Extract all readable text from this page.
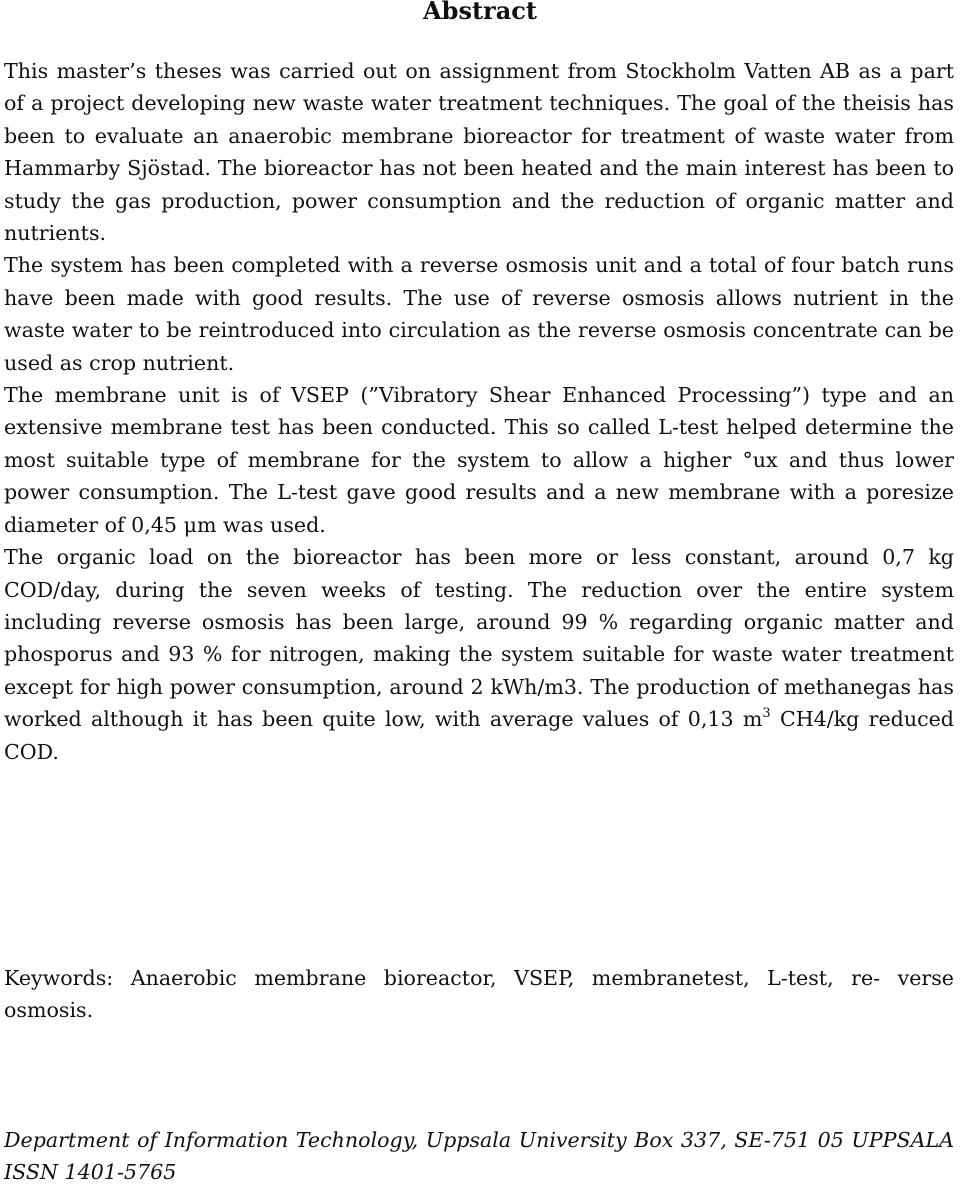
Abstract

This master’s theses was carried out on assignment from Stockholm Vatten AB as a part of a project developing new waste water treatment techniques. The goal of the theisis has been to evaluate an anaerobic membrane bioreactor for treatment of waste water from Hammarby Sjöstad. The bioreactor has not been heated and the main interest has been to study the gas production, power consumption and the reduction of organic matter and nutrients.

The system has been completed with a reverse osmosis unit and a total of four batch runs have been made with good results. The use of reverse osmosis allows nutrient in the waste water to be reintroduced into circulation as the reverse osmosis concentrate can be used as crop nutrient.

The membrane unit is of VSEP (”Vibratory Shear Enhanced Processing”) type and an extensive membrane test has been conducted. This so called L-test helped determine the most suitable type of membrane for the system to allow a higher °ux and thus lower power consumption. The L-test gave good results and a new membrane with a poresize diameter of 0,45 μm was used.

The organic load on the bioreactor has been more or less constant, around 0,7 kg COD/day, during the seven weeks of testing. The reduction over the entire system including reverse osmosis has been large, around 99 % regarding organic matter and phosporus and 93 % for nitrogen, making the system suitable for waste water treatment except for high power consumption, around 2 kWh/m3. The production of methanegas has worked although it has been quite low, with average values of 0,13 $m^3$ CH4/kg reduced COD.

Keywords: Anaerobic membrane bioreactor, VSEP, membranetest, L-test, re- verse osmosis.
Department of Information Technology, Uppsala University Box 337, SE-751 05 UPPSALA ISSN 1401-5765
